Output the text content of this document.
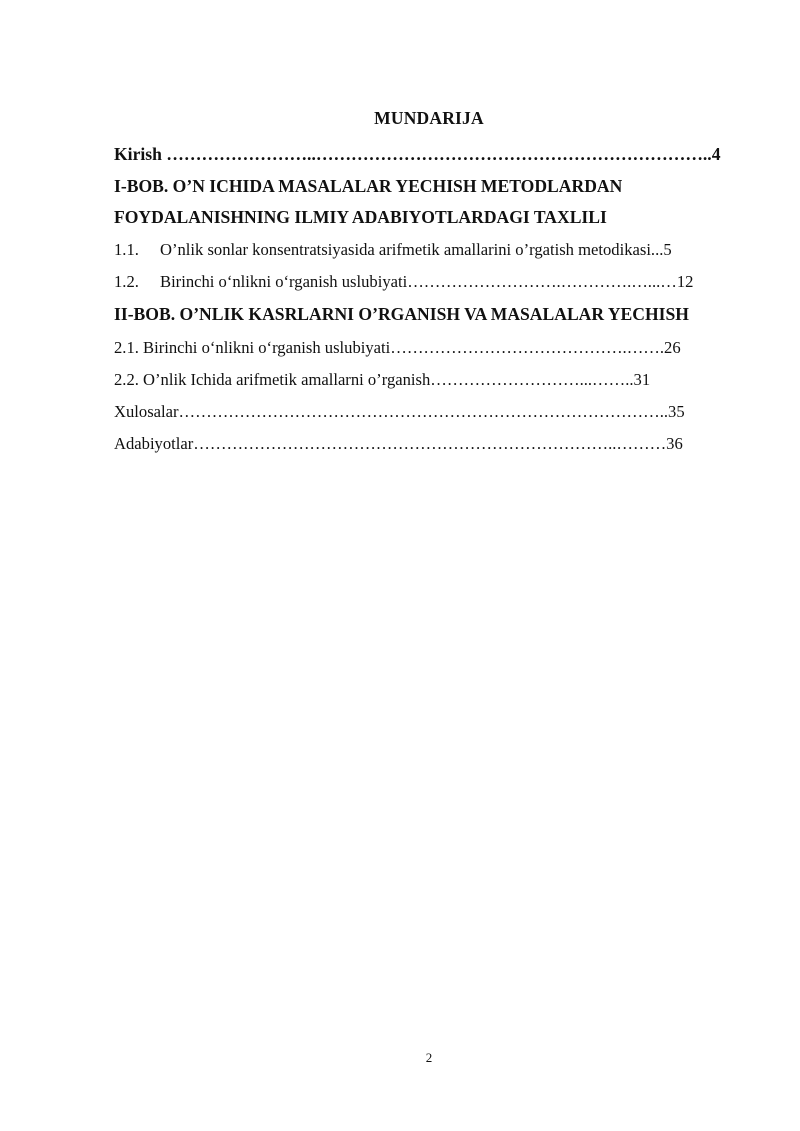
MUNDARIJA
Kirish ……………………..…………………………………………………………..4
I-BOB. O’N ICHIDA MASALALAR YECHISH METODLARDAN
FOYDALANISHNING ILMIY ADABIYOTLARDAGI TAXLILI
1.1. O’nlik sonlar konsentratsiyasida arifmetik amallarini o’rgatish metodikasi...5
1.2. Birinchi o‘nlikni o‘rganish uslubiyati……………………….………….…...…12
II-BOB. O’NLIK KASRLARNI O’RGANISH VA MASALALAR YECHISH
2.1. Birinchi o‘nlikni o‘rganish uslubiyati…………………………………….…….26
2.2. O’nlik Ichida arifmetik amallarni o’rganish………………………...……..31
Xulosalar……………………………………………………………………………..35
Adabiyotlar…………………………………………………………………..………36
2
